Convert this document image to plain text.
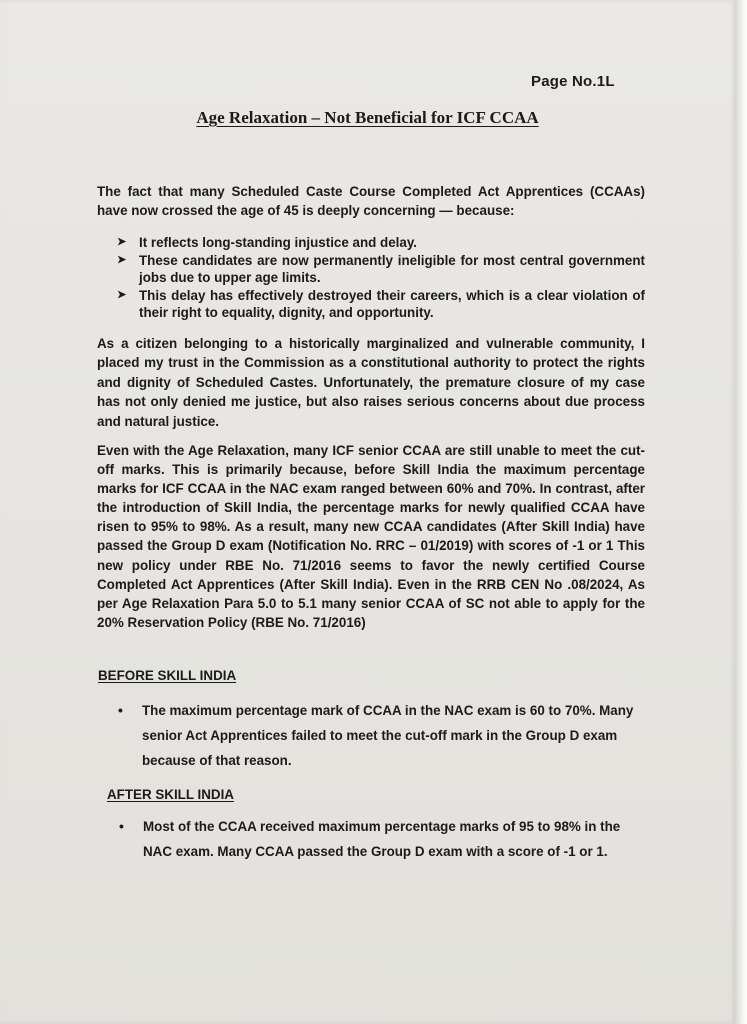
Page No.1L
Age Relaxation – Not Beneficial for ICF CCAA
The fact that many Scheduled Caste Course Completed Act Apprentices (CCAAs) have now crossed the age of 45 is deeply concerning — because:
➤ It reflects long-standing injustice and delay.
➤ These candidates are now permanently ineligible for most central government jobs due to upper age limits.
➤ This delay has effectively destroyed their careers, which is a clear violation of their right to equality, dignity, and opportunity.
As a citizen belonging to a historically marginalized and vulnerable community, I placed my trust in the Commission as a constitutional authority to protect the rights and dignity of Scheduled Castes. Unfortunately, the premature closure of my case has not only denied me justice, but also raises serious concerns about due process and natural justice.
Even with the Age Relaxation, many ICF senior CCAA are still unable to meet the cut-off marks. This is primarily because, before Skill India the maximum percentage marks for ICF CCAA in the NAC exam ranged between 60% and 70%. In contrast, after the introduction of Skill India, the percentage marks for newly qualified CCAA have risen to 95% to 98%. As a result, many new CCAA candidates (After Skill India) have passed the Group D exam (Notification No. RRC – 01/2019) with scores of -1 or 1 This new policy under RBE No. 71/2016 seems to favor the newly certified Course Completed Act Apprentices (After Skill India). Even in the RRB CEN No .08/2024, As per Age Relaxation Para 5.0 to 5.1 many senior CCAA of SC not able to apply for the 20% Reservation Policy (RBE No. 71/2016)
BEFORE SKILL INDIA
• The maximum percentage mark of CCAA in the NAC exam is 60 to 70%. Many senior Act Apprentices failed to meet the cut-off mark in the Group D exam because of that reason.
AFTER SKILL INDIA
• Most of the CCAA received maximum percentage marks of 95 to 98% in the NAC exam. Many CCAA passed the Group D exam with a score of -1 or 1.
